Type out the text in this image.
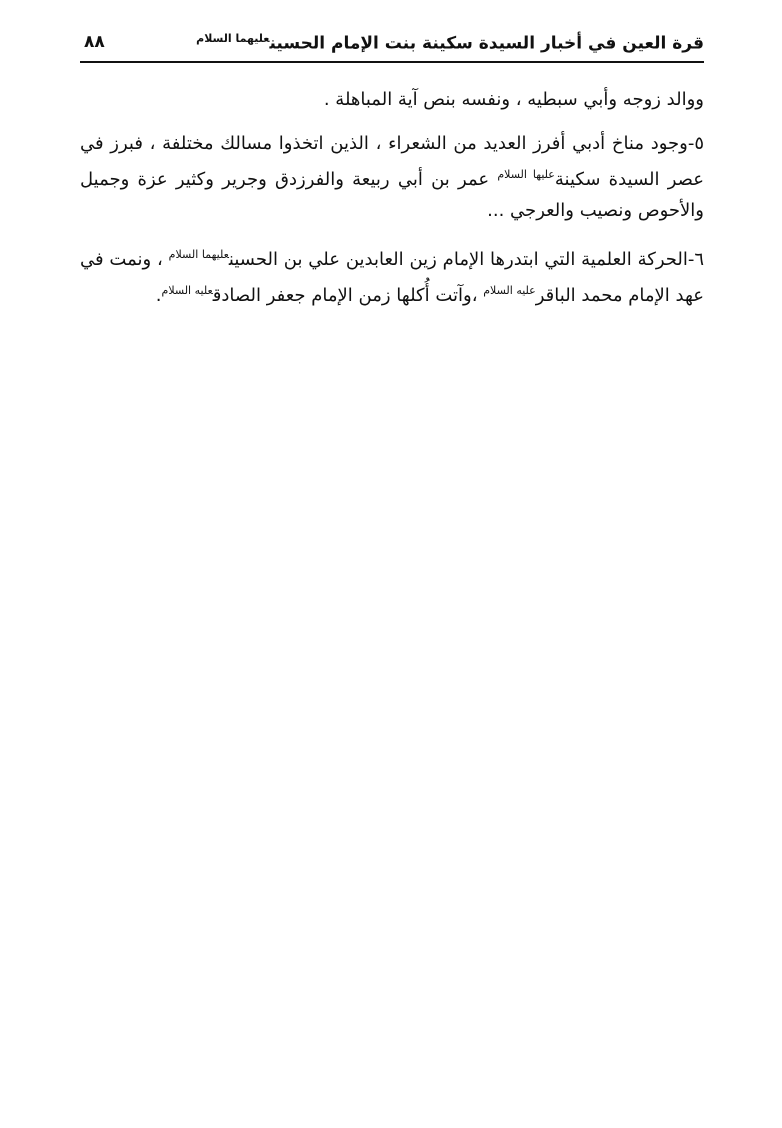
قرة العين في أخبار السيدة سكينة بنت الإمام الحسين$^{عليهما السلام}$
٨٨

ووالد زوجه وأبي سبطيه ، ونفسه بنص آية المباهلة .

٥-وجود مناخ أدبي أفرز العديد من الشعراء ، الذين اتخذوا مسالك مختلفة ، فبرز في عصر السيدة سكينة$^{عليها السلام}$ عمر بن أبي ربيعة والفرزدق وجرير وكثير عزة وجميل والأحوص ونصيب والعرجي ...

٦-الحركة العلمية التي ابتدرها الإمام زين العابدين علي بن الحسين$^{عليهما السلام}$ ، ونمت في عهد الإمام محمد الباقر$^{عليه السلام}$ ،وآتت أُكلها زمن الإمام جعفر الصادق$^{عليه السلام}$.
